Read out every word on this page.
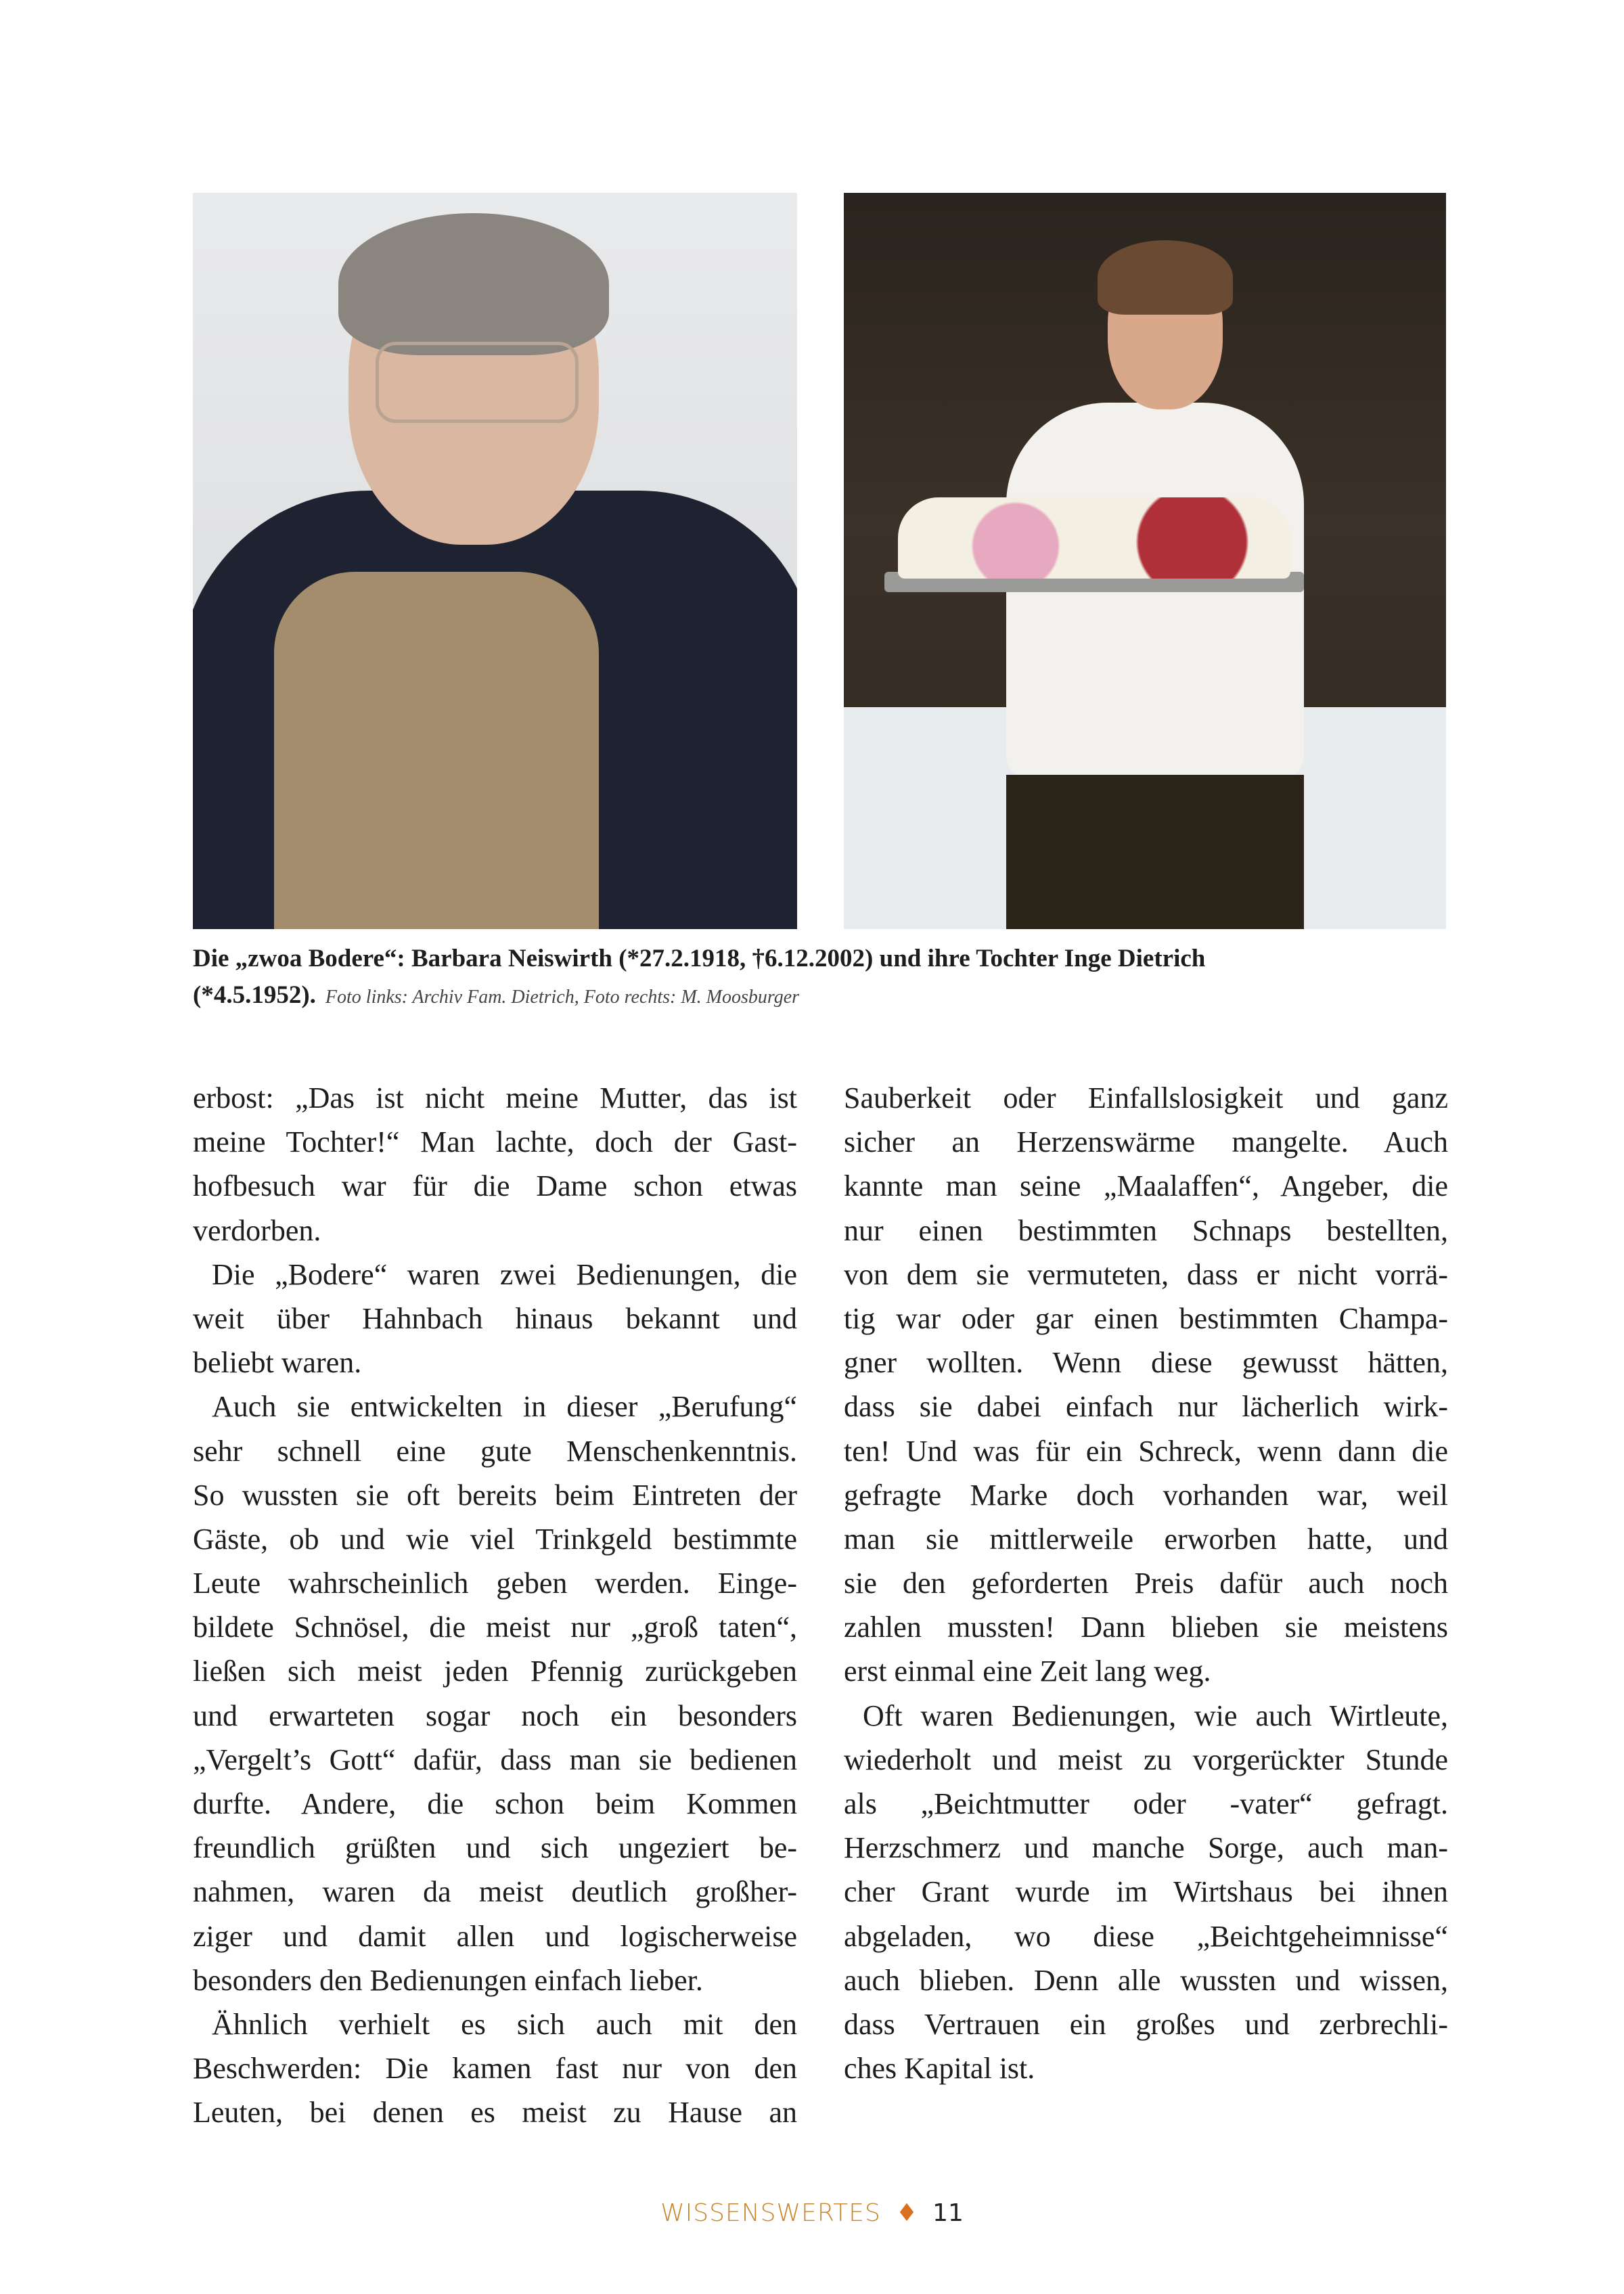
Die „zwoa Bodere“: Barbara Neiswirth (*27.2.1918, †6.12.2002) und ihre Tochter Inge Dietrich
(*4.5.1952). Foto links: Archiv Fam. Dietrich, Foto rechts: M. Moosburger
erbost: „Das ist nicht meine Mutter, das ist
meine Tochter!“ Man lachte, doch der Gast-
hofbesuch war für die Dame schon etwas
verdorben.
Die „Bodere“ waren zwei Bedienungen, die
weit über Hahnbach hinaus bekannt und
beliebt waren.
Auch sie entwickelten in dieser „Berufung“
sehr schnell eine gute Menschenkenntnis.
So wussten sie oft bereits beim Eintreten der
Gäste, ob und wie viel Trinkgeld bestimmte
Leute wahrscheinlich geben werden. Einge-
bildete Schnösel, die meist nur „groß taten“,
ließen sich meist jeden Pfennig zurückgeben
und erwarteten sogar noch ein besonders
„Vergelt’s Gott“ dafür, dass man sie bedienen
durfte. Andere, die schon beim Kommen
freundlich grüßten und sich ungeziert be-
nahmen, waren da meist deutlich großher-
ziger und damit allen und logischerweise
besonders den Bedienungen einfach lieber.
Ähnlich verhielt es sich auch mit den
Beschwerden: Die kamen fast nur von den
Leuten, bei denen es meist zu Hause an
Sauberkeit oder Einfallslosigkeit und ganz
sicher an Herzenswärme mangelte. Auch
kannte man seine „Maalaffen“, Angeber, die
nur einen bestimmten Schnaps bestellten,
von dem sie vermuteten, dass er nicht vorrä-
tig war oder gar einen bestimmten Champa-
gner wollten. Wenn diese gewusst hätten,
dass sie dabei einfach nur lächerlich wirk-
ten! Und was für ein Schreck, wenn dann die
gefragte Marke doch vorhanden war, weil
man sie mittlerweile erworben hatte, und
sie den geforderten Preis dafür auch noch
zahlen mussten! Dann blieben sie meistens
erst einmal eine Zeit lang weg.
Oft waren Bedienungen, wie auch Wirtleute,
wiederholt und meist zu vorgerückter Stunde
als „Beichtmutter oder -vater“ gefragt.
Herzschmerz und manche Sorge, auch man-
cher Grant wurde im Wirtshaus bei ihnen
abgeladen, wo diese „Beichtgeheimnisse“
auch blieben. Denn alle wussten und wissen,
dass Vertrauen ein großes und zerbrechli-
ches Kapital ist.
WISSENSWERTES ♦ 11
